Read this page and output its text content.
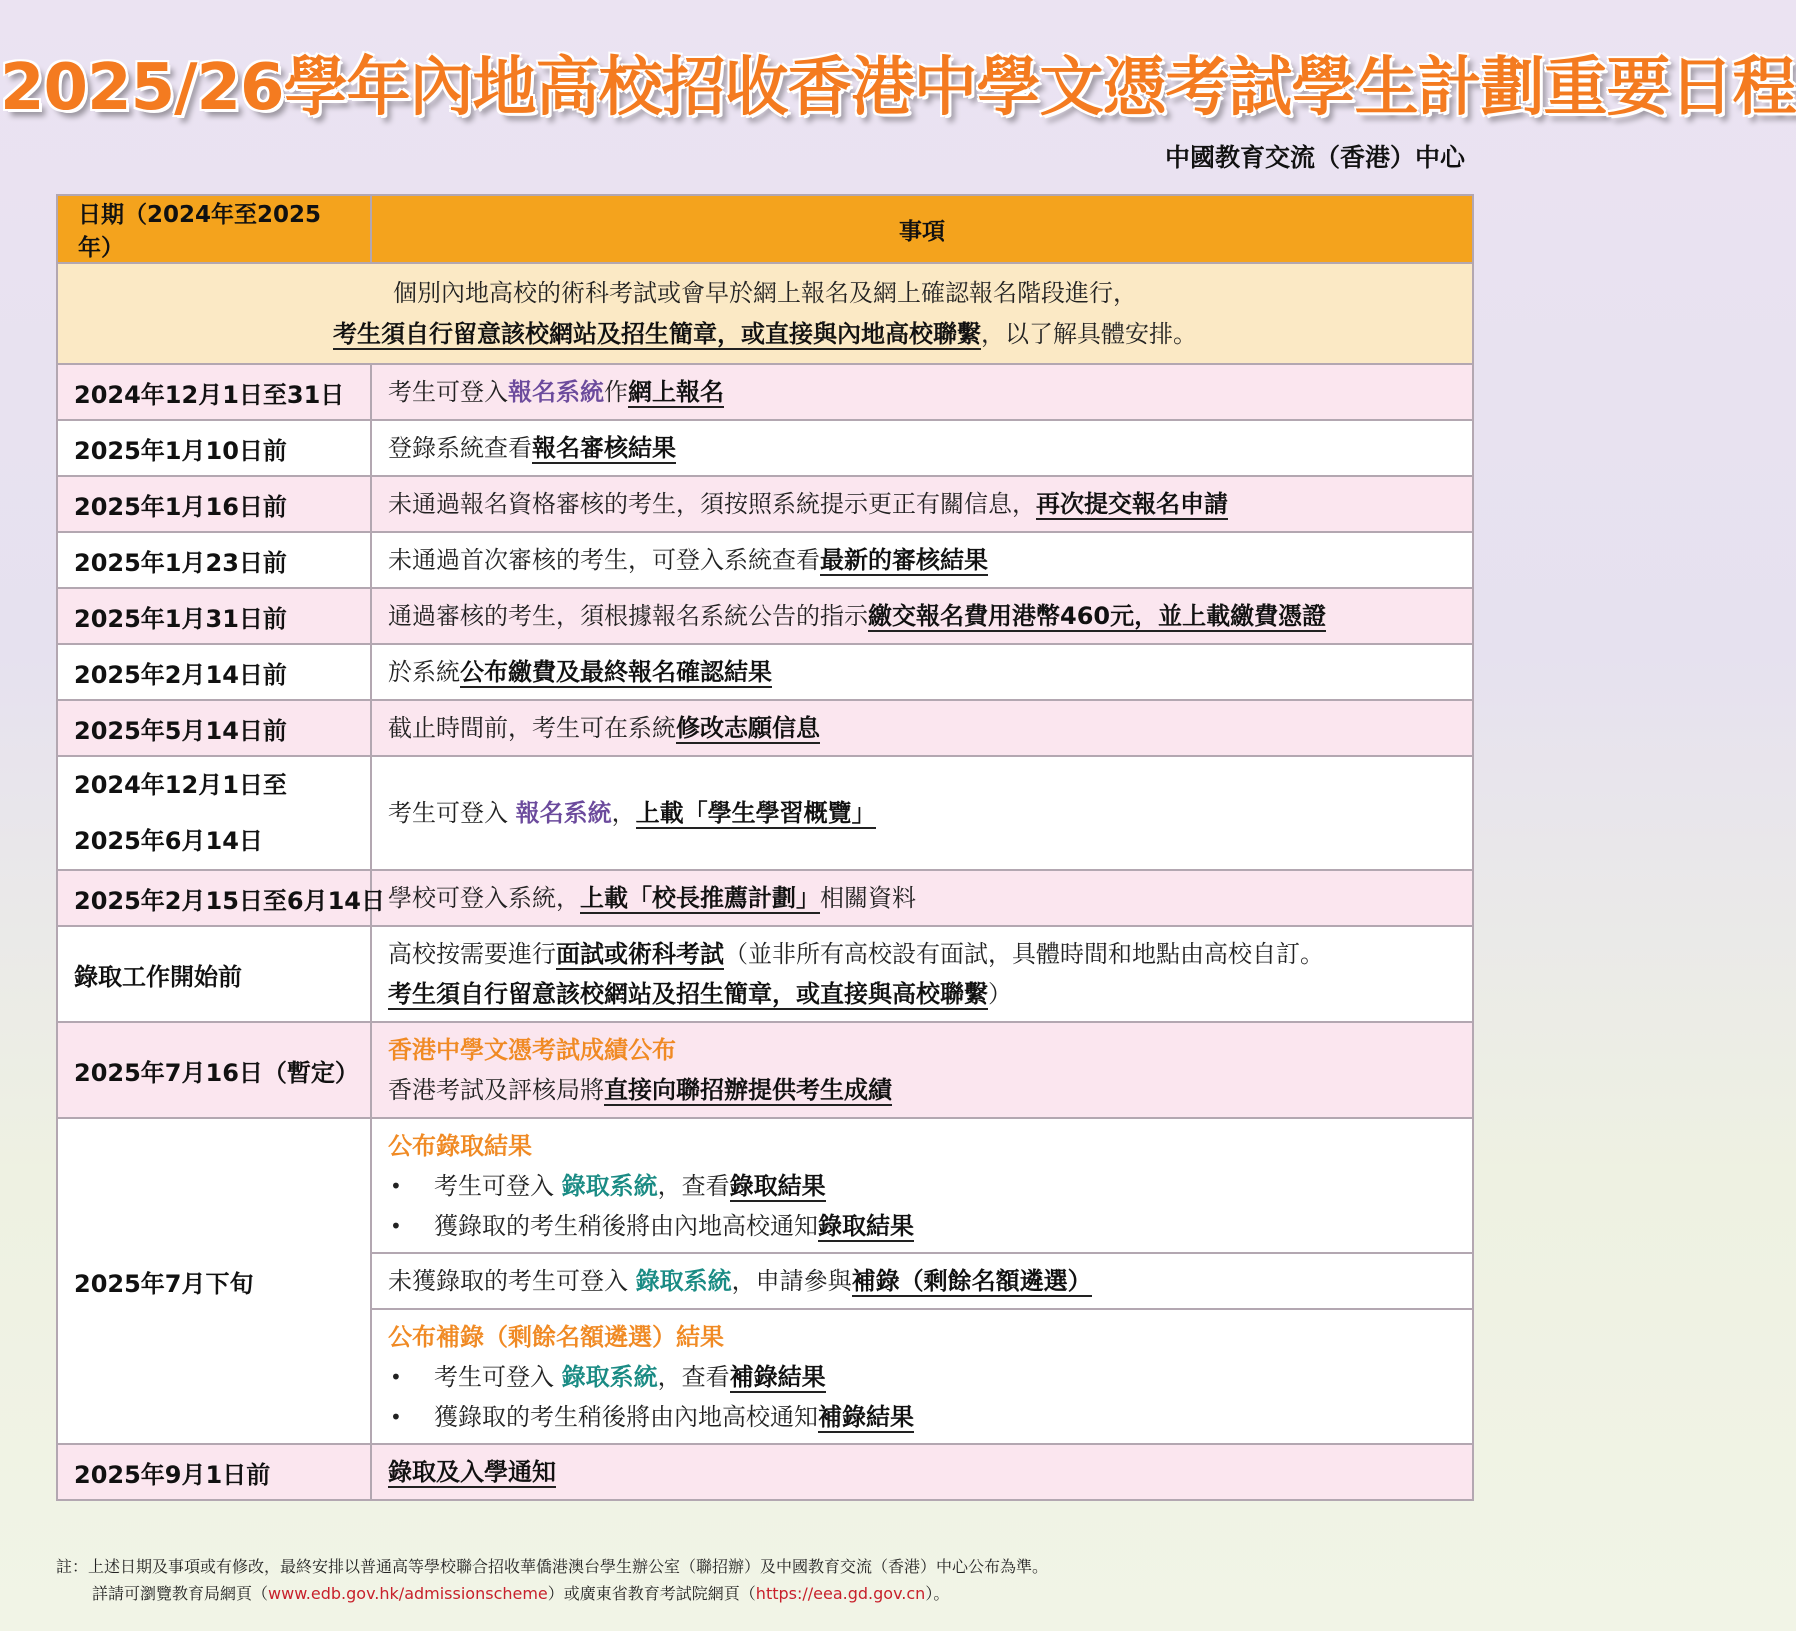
2025/26學年內地高校招收香港中學文憑考試學生計劃重要日程
中國教育交流（香港）中心
日期（2024年至2025年）	事項
個別內地高校的術科考試或會早於網上報名及網上確認報名階段進行，
考生須自行留意該校網站及招生簡章，或直接與內地高校聯繫，以了解具體安排。	
2024年12月1日至31日	考生可登入報名系統作網上報名
2025年1月10日前	登錄系統查看報名審核結果
2025年1月16日前	未通過報名資格審核的考生，須按照系統提示更正有關信息，再次提交報名申請
2025年1月23日前	未通過首次審核的考生，可登入系統查看最新的審核結果
2025年1月31日前	通過審核的考生，須根據報名系統公告的指示繳交報名費用港幣460元，並上載繳費憑證
2025年2月14日前	於系統公布繳費及最終報名確認結果
2025年5月14日前	截止時間前，考生可在系統修改志願信息
2024年12月1日至
2025年6月14日	考生可登入 報名系統，上載「學生學習概覽」
2025年2月15日至6月14日	學校可登入系統，上載「校長推薦計劃」相關資料
錄取工作開始前	高校按需要進行面試或術科考試（並非所有高校設有面試，具體時間和地點由高校自訂。
考生須自行留意該校網站及招生簡章，或直接與高校聯繫）
2025年7月16日（暫定）	香港中學文憑考試成績公布
香港考試及評核局將直接向聯招辦提供考生成績
2025年7月下旬	公布錄取結果
• 考生可登入 錄取系統，查看錄取結果
• 獲錄取的考生稍後將由內地高校通知錄取結果

	未獲錄取的考生可登入 錄取系統，申請參與補錄（剩餘名額遴選）
	公布補錄（剩餘名額遴選）結果
• 考生可登入 錄取系統，查看補錄結果
• 獲錄取的考生稍後將由內地高校通知補錄結果

2025年9月1日前	錄取及入學通知
註：上述日期及事項或有修改，最終安排以普通高等學校聯合招收華僑港澳台學生辦公室（聯招辦）及中國教育交流（香港）中心公布為準。
詳請可瀏覽教育局網頁（www.edb.gov.hk/admissionscheme）或廣東省教育考試院網頁（https://eea.gd.gov.cn）。
